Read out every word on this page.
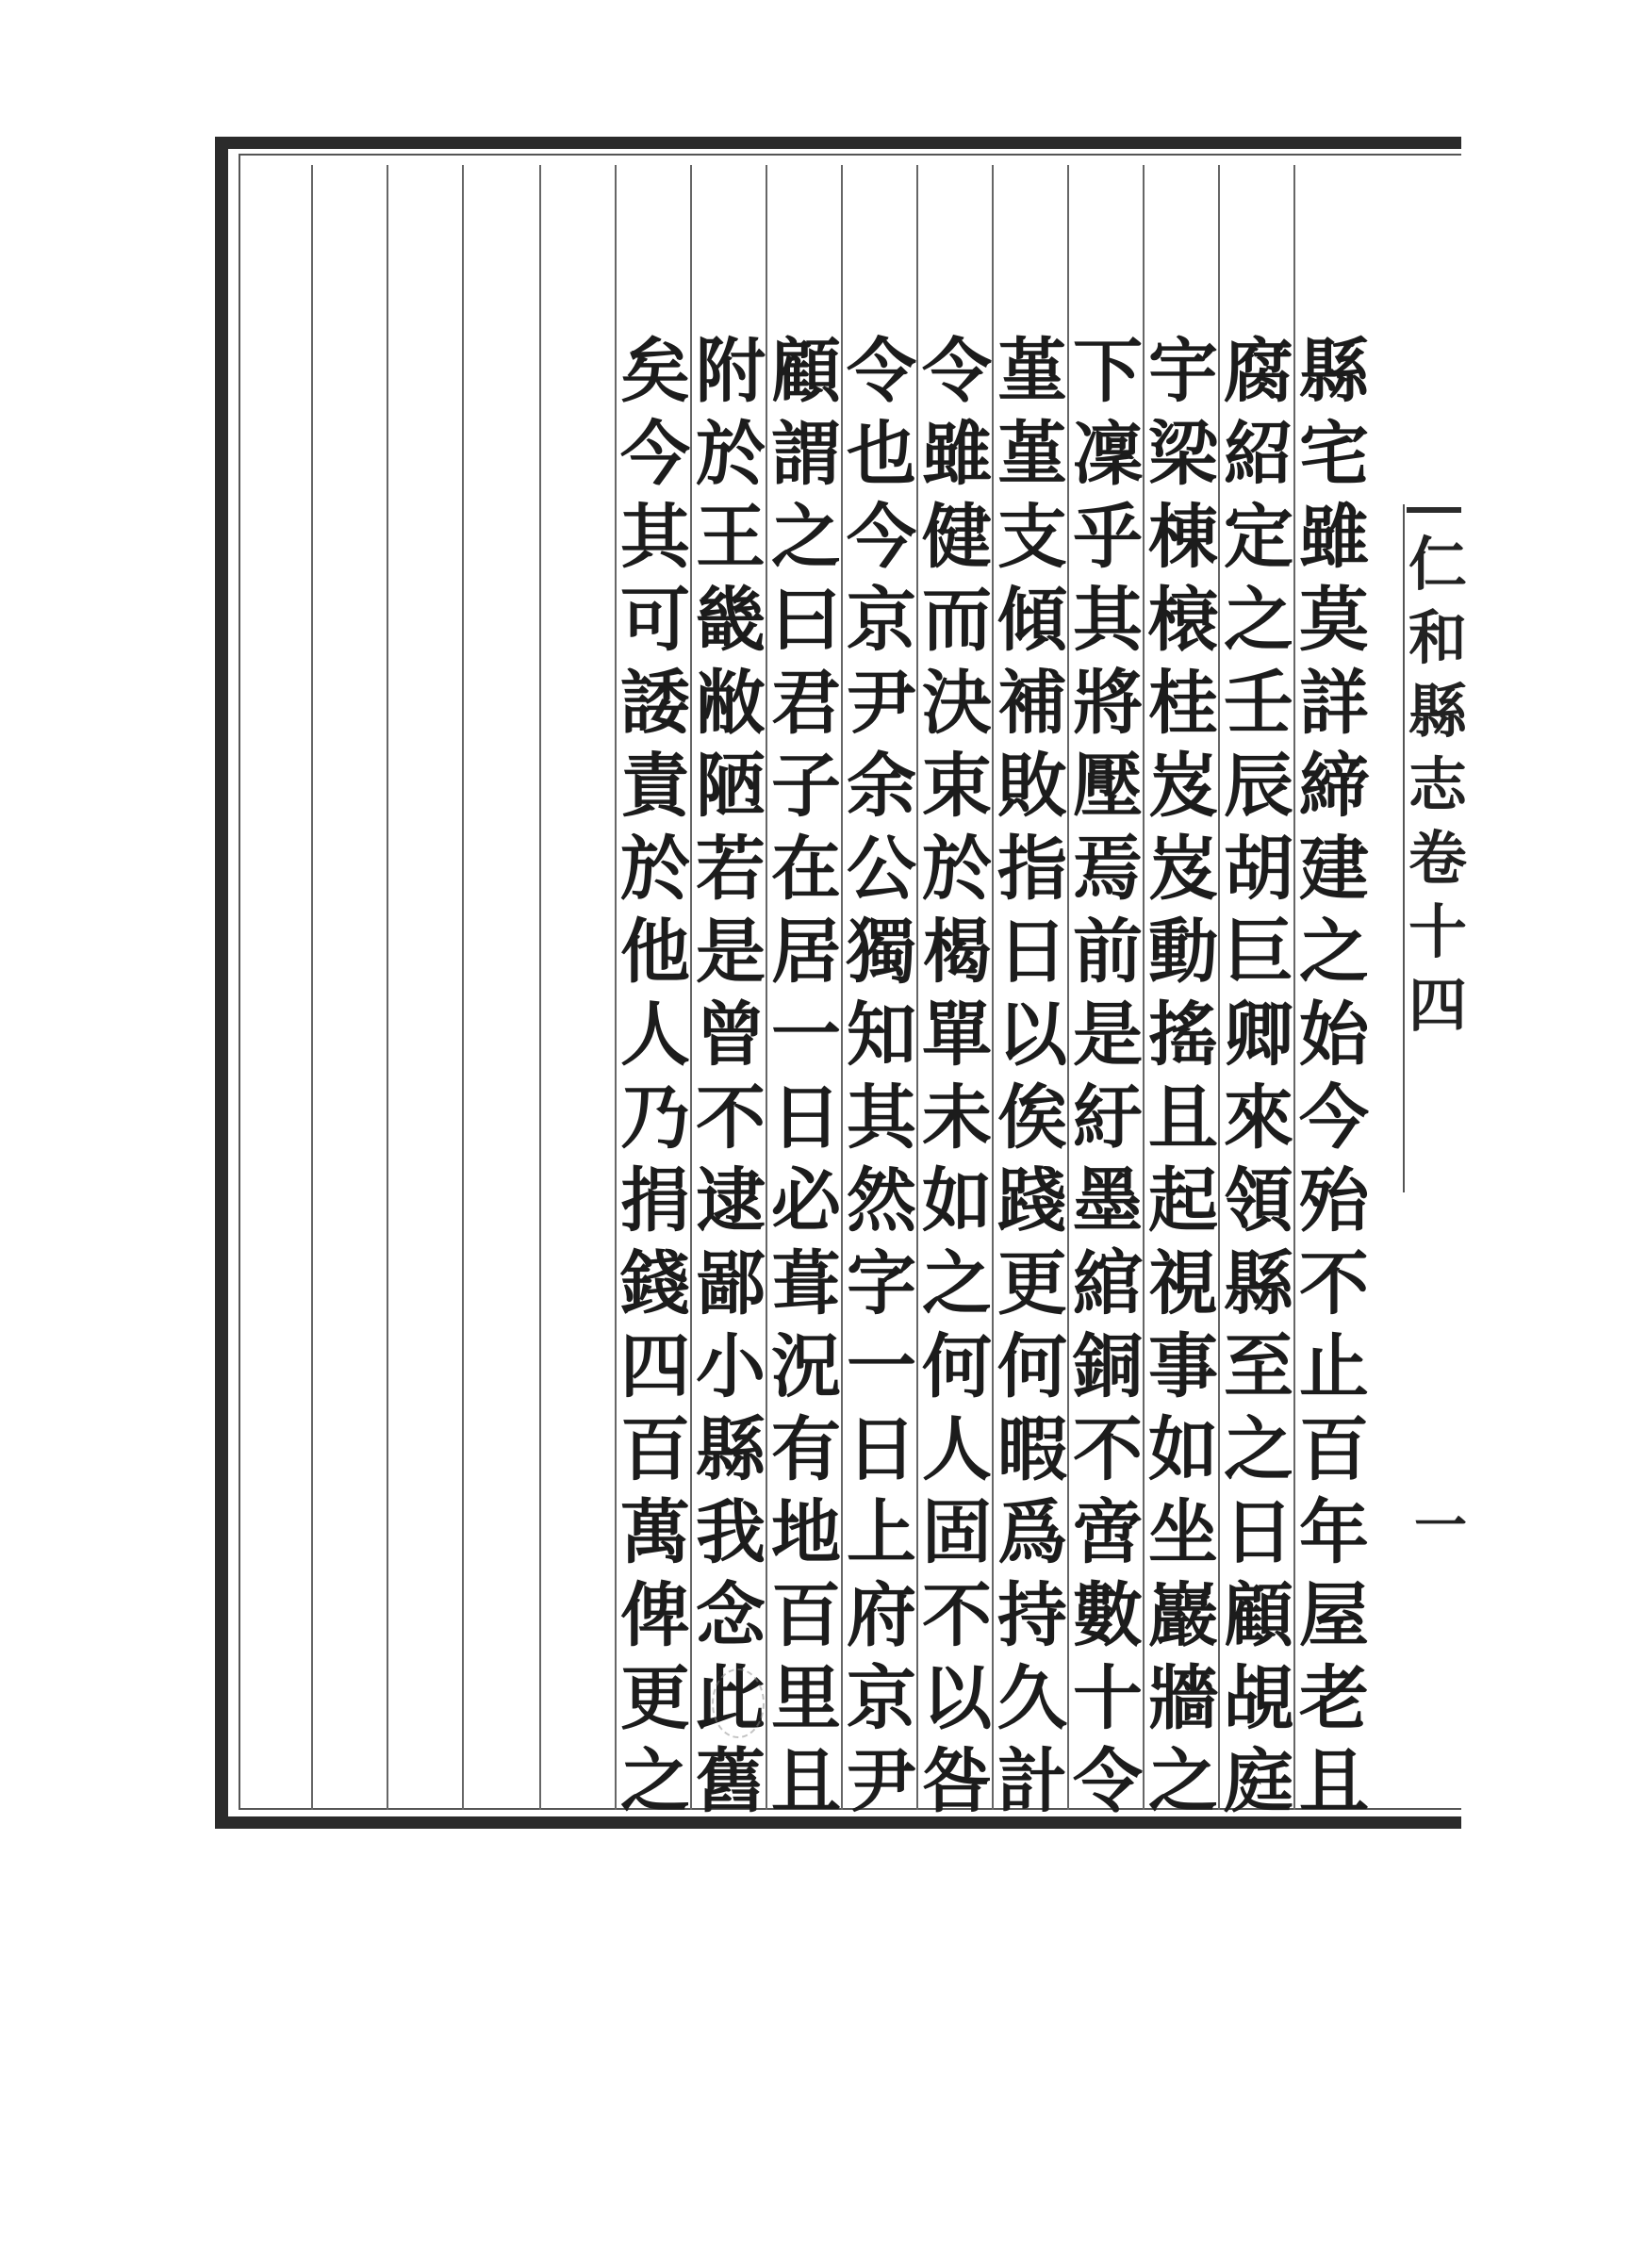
仁
和
縣
志
卷
十
四
一
縣
宅
雖
莫
詳
締
建
之
始
今
殆
不
止
百
年
屋
老
且
腐
紹
定
之
壬
辰
胡
巨
卿
來
領
縣
至
之
日
顧
覘
庭
宇
梁
棟
榱
桂
岌
岌
動
搖
且
起
視
事
如
坐
巖
牆
之
下
凜
乎
其
將
壓
焉
前
是
紆
墨
綰
銅
不
啻
數
十
令
堇
堇
支
傾
補
敗
指
日
以
俟
踐
更
何
暇
爲
持
久
計
令
雖
健
而
決
束
於
楬
單
未
如
之
何
人
固
不
以
咎
令
也
今
京
尹
余
公
獨
知
其
然
字
一
日
上
府
京
尹
顧
謂
之
曰
君
子
在
居
一
日
必
葺
況
有
地
百
里
且
附
於
王
畿
敝
陋
若
是
曾
不
逮
鄙
小
縣
我
念
此
舊
矣
今
其
可
諉
責
於
他
人
乃
捐
錢
四
百
萬
俾
更
之
